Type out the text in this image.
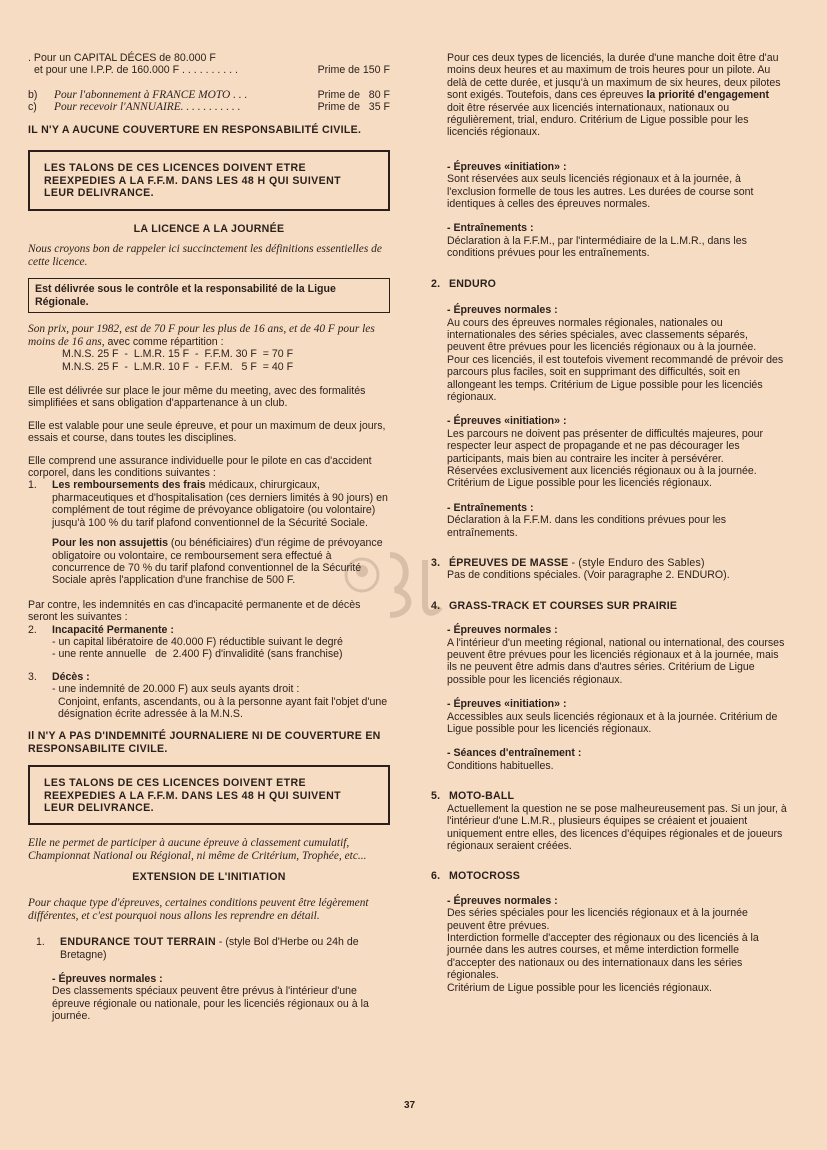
. Pour un CAPITAL DÉCES de 80.000 F

et pour une I.P.P. de 160.000 F . . . . . . . . . .	Prime de 150 F
b) Pour l'abonnement à FRANCE MOTO . . .	Prime de   80 F
c) Pour recevoir l'ANNUAIRE. . . . . . . . . . .	Prime de   35 F

IL N'Y A AUCUNE COUVERTURE EN RESPONSABILITÉ CIVILE.

LES TALONS DE CES LICENCES DOIVENT ETRE REEXPEDIES A LA F.F.M. DANS LES 48 H QUI SUIVENT LEUR DELIVRANCE.

LA LICENCE A LA JOURNÉE

Nous croyons bon de rappeler ici succinctement les définitions essentielles de cette licence.

Est délivrée sous le contrôle et la responsabilité de la Ligue Régionale.

Son prix, pour 1982, est de 70 F pour les plus de 16 ans, et de 40 F pour les moins de 16 ans, avec comme répartition :

M.N.S. 25 F  -  L.M.R. 15 F  -  F.F.M. 30 F  = 70 F

M.N.S. 25 F  -  L.M.R. 10 F  -  F.F.M.   5 F  = 40 F

Elle est délivrée sur place le jour même du meeting, avec des formalités simplifiées et sans obligation d'appartenance à un club.

Elle est valable pour une seule épreuve, et pour un maximum de deux jours, essais et course, dans toutes les disciplines.

Elle comprend une assurance individuelle pour le pilote en cas d'accident corporel, dans les conditions suivantes :

1.	Les remboursements des frais médicaux, chirurgicaux, pharmaceutiques et d'hospitalisation (ces derniers limités à 90 jours) en complément de tout régime de prévoyance obligatoire (ou volontaire) jusqu'à 100 % du tarif plafond conventionnel de la Sécurité Sociale.
Pour les non assujettis (ou bénéficiaires) d'un régime de prévoyance obligatoire ou volontaire, ce remboursement sera effectué à concurrence de 70 % du tarif plafond conventionnel de la Sécurité Sociale après l'application d'une franchise de 500 F.

Par contre, les indemnités en cas d'incapacité permanente et de décès seront les suivantes :

2.	Incapacité Permanente :
- un capital libératoire de 40.000 F) réductible suivant le degré
- une rente annuelle   de  2.400 F) d'invalidité (sans franchise)
3.	Décès :
- une indemnité de 20.000 F) aux seuls ayants droit :

Conjoint, enfants, ascendants, ou à la personne ayant fait l'objet d'une désignation écrite adressée à la M.N.S.

Il N'Y A PAS D'INDEMNITÉ JOURNALIERE NI DE COUVERTURE EN RESPONSABILITE CIVILE.

LES TALONS DE CES LICENCES DOIVENT ETRE REEXPEDIES A LA F.F.M. DANS LES 48 H QUI SUIVENT LEUR DELIVRANCE.

Elle ne permet de participer à aucune épreuve à classement cumulatif, Championnat National ou Régional, ni même de Critérium, Trophée, etc...

EXTENSION DE L'INITIATION

Pour chaque type d'épreuves, certaines conditions peuvent être légèrement différentes, et c'est pourquoi nous allons les reprendre en détail.

1.	ENDURANCE TOUT TERRAIN - (style Bol d'Herbe ou 24h de Bretagne)

- Épreuves normales :

Des classements spéciaux peuvent être prévus à l'intérieur d'une épreuve régionale ou nationale, pour les licenciés régionaux ou à la journée.

Pour ces deux types de licenciés, la durée d'une manche doit être d'au moins deux heures et au maximum de trois heures pour un pilote. Au delà de cette durée, et jusqu'à un maximum de six heures, deux pilotes sont exigés. Toutefois, dans ces épreuves la priorité d'engagement doit être réservée aux licenciés internationaux, nationaux ou régulièrement, trial, enduro. Critérium de Ligue possible pour les licenciés régionaux.

- Épreuves «initiation» :

Sont réservées aux seuls licenciés régionaux et à la journée, à l'exclusion formelle de tous les autres. Les durées de course sont identiques à celles des épreuves normales.

- Entraînements :

Déclaration à la F.F.M., par l'intermédiaire de la L.M.R., dans les conditions prévues pour les entraînements.

2. ENDURO

- Épreuves normales :

Au cours des épreuves normales régionales, nationales ou internationales des séries spéciales, avec classements séparés, peuvent être prévues pour les licenciés régionaux ou à la journée.

Pour ces licenciés, il est toutefois vivement recommandé de prévoir des parcours plus faciles, soit en supprimant des difficultés, soit en allongeant les temps. Critérium de Ligue possible pour les licenciés régionaux.

- Épreuves «initiation» :

Les parcours ne doivent pas présenter de difficultés majeures, pour respecter leur aspect de propagande et ne pas décourager les participants, mais bien au contraire les inciter à persévérer.

Réservées exclusivement aux licenciés régionaux ou à la journée. Critérium de Ligue possible pour les licenciés régionaux.

- Entraînements :

Déclaration à la F.F.M. dans les conditions prévues pour les entraînements.

3. ÉPREUVES DE MASSE - (style Enduro des Sables)

Pas de conditions spéciales. (Voir paragraphe 2. ENDURO).

4. GRASS-TRACK ET COURSES SUR PRAIRIE

- Épreuves normales :

A l'intérieur d'un meeting régional, national ou international, des courses peuvent être prévues pour les licenciés régionaux et à la journée, mais ils ne peuvent être admis dans d'autres séries. Critérium de Ligue possible pour les licenciés régionaux.

- Épreuves «initiation» :

Accessibles aux seuls licenciés régionaux et à la journée. Critérium de Ligue possible pour les licenciés régionaux.

- Séances d'entraînement :

Conditions habituelles.

5. MOTO-BALL

Actuellement la question ne se pose malheureusement pas. Si un jour, à l'intérieur d'une L.M.R., plusieurs équipes se créaient et jouaient uniquement entre elles, des licences d'équipes régionales et de joueurs régionaux seraient créées.

6. MOTOCROSS

- Épreuves normales :

Des séries spéciales pour les licenciés régionaux et à la journée peuvent être prévues.

Interdiction formelle d'accepter des régionaux ou des licenciés à la journée dans les autres courses, et même interdiction formelle d'accepter des nationaux ou des internationaux dans les séries régionales.

Critérium de Ligue possible pour les licenciés régionaux.

37
